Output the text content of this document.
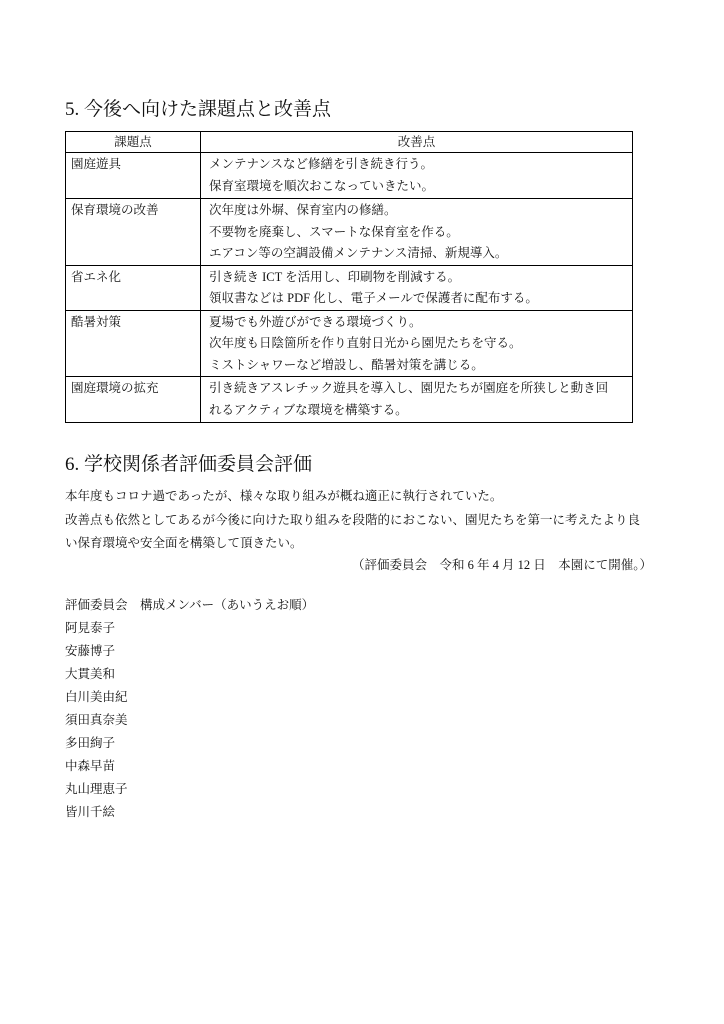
5. 今後へ向けた課題点と改善点
課題点	改善点
園庭遊具	メンテナンスなど修繕を引き続き行う。
保育室環境を順次おこなっていきたい。

保育環境の改善	次年度は外塀、保育室内の修繕。
不要物を廃棄し、スマートな保育室を作る。
エアコン等の空調設備メンテナンス清掃、新規導入。

省エネ化	引き続き ICT を活用し、印刷物を削減する。
領収書などは PDF 化し、電子メールで保護者に配布する。

酷暑対策	夏場でも外遊びができる環境づくり。
次年度も日陰箇所を作り直射日光から園児たちを守る。
ミストシャワーなど増設し、酷暑対策を講じる。

園庭環境の拡充	引き続きアスレチック遊具を導入し、園児たちが園庭を所狭しと動き回
れるアクティブな環境を構築する。
6. 学校関係者評価委員会評価
本年度もコロナ過であったが、様々な取り組みが概ね適正に執行されていた。
改善点も依然としてあるが今後に向けた取り組みを段階的におこない、園児たちを第一に考えたより良
い保育環境や安全面を構築して頂きたい。
（評価委員会　令和 6 年 4 月 12 日　本園にて開催。）
評価委員会　構成メンバー（あいうえお順）
阿見泰子
安藤博子
大貫美和
白川美由紀
須田真奈美
多田絢子
中森早苗
丸山理恵子
皆川千絵
